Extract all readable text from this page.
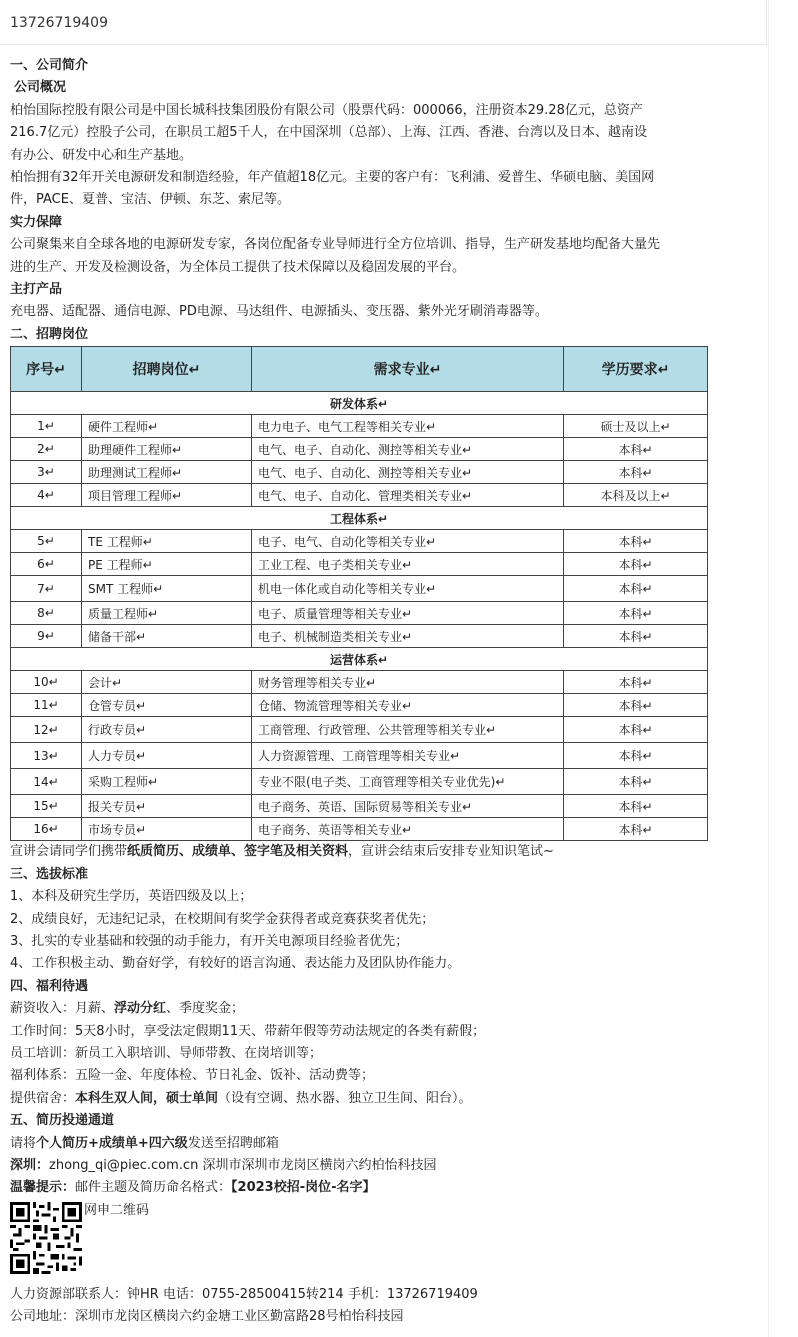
13726719409
一、公司简介
公司概况
柏怡国际控股有限公司是中国长城科技集团股份有限公司（股票代码：000066，注册资本29.28亿元，总资产
216.7亿元）控股子公司，在职员工超5千人，在中国深圳（总部）、上海、江西、香港、台湾以及日本、越南设
有办公、研发中心和生产基地。
柏怡拥有32年开关电源研发和制造经验，年产值超18亿元。主要的客户有：飞利浦、爱普生、华硕电脑、美国网
件，PACE、夏普、宝洁、伊顿、东芝、索尼等。
实力保障
公司聚集来自全球各地的电源研发专家，各岗位配备专业导师进行全方位培训、指导，生产研发基地均配备大量先
进的生产、开发及检测设备，为全体员工提供了技术保障以及稳固发展的平台。
主打产品
充电器、适配器、通信电源、PD电源、马达组件、电源插头、变压器、紫外光牙刷消毒器等。
二、招聘岗位
序号↵	招聘岗位↵	需求专业↵	学历要求↵
研发体系↵			
1↵	硬件工程师↵	电力电子、电气工程等相关专业↵	硕士及以上↵
2↵	助理硬件工程师↵	电气、电子、自动化、测控等相关专业↵	本科↵
3↵	助理测试工程师↵	电气、电子、自动化、测控等相关专业↵	本科↵
4↵	项目管理工程师↵	电气、电子、自动化、管理类相关专业↵	本科及以上↵
工程体系↵			
5↵	TE 工程师↵	电子、电气、自动化等相关专业↵	本科↵
6↵	PE 工程师↵	工业工程、电子类相关专业↵	本科↵
7↵	SMT 工程师↵	机电一体化或自动化等相关专业↵	本科↵
8↵	质量工程师↵	电子、质量管理等相关专业↵	本科↵
9↵	储备干部↵	电子、机械制造类相关专业↵	本科↵
运营体系↵			
10↵	会计↵	财务管理等相关专业↵	本科↵
11↵	仓管专员↵	仓储、物流管理等相关专业↵	本科↵
12↵	行政专员↵	工商管理、行政管理、公共管理等相关专业↵	本科↵
13↵	人力专员↵	人力资源管理、工商管理等相关专业↵	本科↵
14↵	采购工程师↵	专业不限(电子类、工商管理等相关专业优先)↵	本科↵
15↵	报关专员↵	电子商务、英语、国际贸易等相关专业↵	本科↵
16↵	市场专员↵	电子商务、英语等相关专业↵	本科↵
宣讲会请同学们携带纸质简历、成绩单、签字笔及相关资料，宣讲会结束后安排专业知识笔试~
三、选拔标准
1、本科及研究生学历，英语四级及以上；
2、成绩良好，无违纪记录，在校期间有奖学金获得者或竞赛获奖者优先；
3、扎实的专业基础和较强的动手能力，有开关电源项目经验者优先；
4、工作积极主动、勤奋好学，有较好的语言沟通、表达能力及团队协作能力。
四、福利待遇
薪资收入：月薪、浮动分红、季度奖金；
工作时间：5天8小时，享受法定假期11天、带薪年假等劳动法规定的各类有薪假；
员工培训：新员工入职培训、导师带教、在岗培训等；
福利体系：五险一金、年度体检、节日礼金、饭补、活动费等；
提供宿舍：本科生双人间，硕士单间（设有空调、热水器、独立卫生间、阳台）。
五、简历投递通道
请将个人简历+成绩单+四六级发送至招聘邮箱
深圳：zhong_qi@piec.com.cn 深圳市深圳市龙岗区横岗六约柏怡科技园
温馨提示：邮件主题及简历命名格式：【2023校招-岗位-名字】
网申二维码
人力资源部联系人：钟HR 电话：0755-28500415转214 手机：13726719409
公司地址：深圳市龙岗区横岗六约金塘工业区勤富路28号柏怡科技园
